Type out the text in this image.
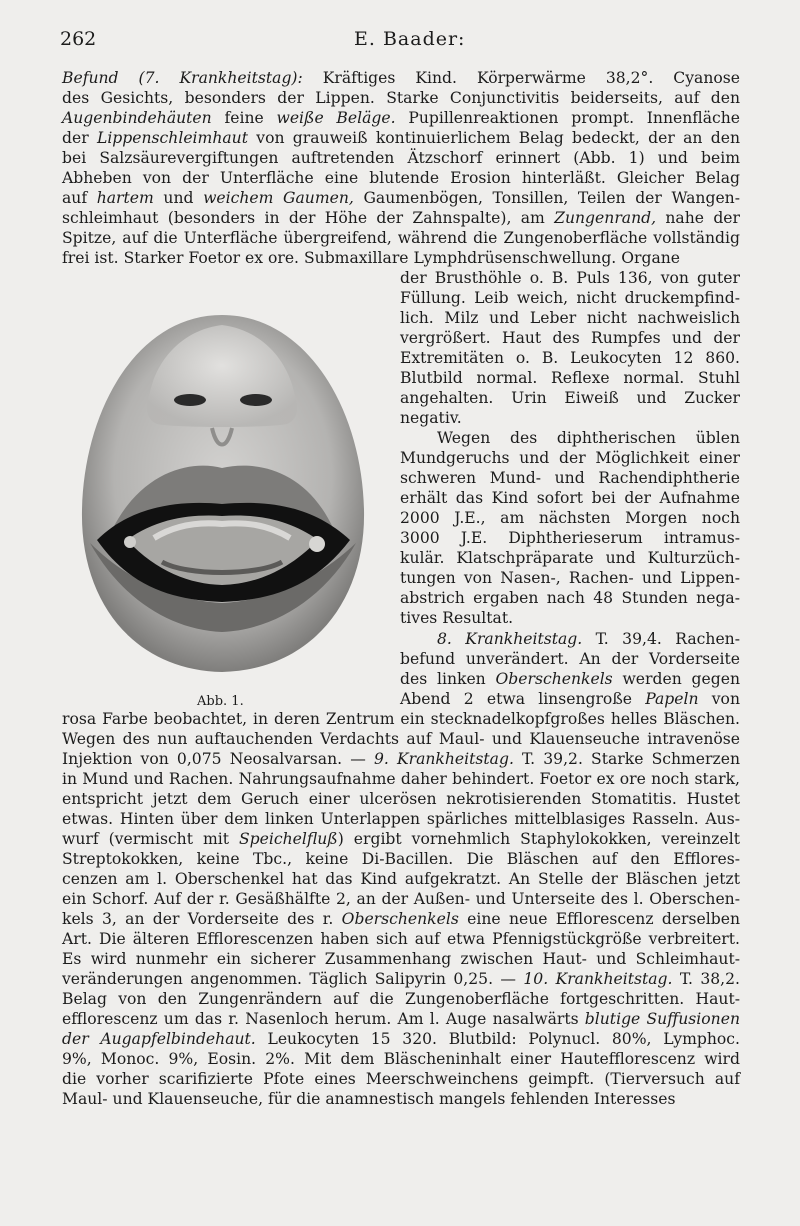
262	E. Baader:
Befund (7. Krankheitstag): Kräftiges Kind. Körperwärme 38,2°. Cyanose
des Gesichts, besonders der Lippen. Starke Conjunctivitis beiderseits, auf den
Augenbindehäuten feine weiße Beläge. Pupillenreaktionen prompt. Innenfläche
der Lippenschleimhaut von grauweiß kontinuierlichem Belag bedeckt, der an den
bei Salzsäurevergiftungen auftretenden Ätzschorf erinnert (Abb. 1) und beim
Abheben von der Unterfläche eine blutende Erosion hinterläßt. Gleicher Belag
auf hartem und weichem Gaumen, Gaumenbögen, Tonsillen, Teilen der Wangen-
schleimhaut (besonders in der Höhe der Zahnspalte), am Zungenrand, nahe der
Spitze, auf die Unterfläche übergreifend, während die Zungenoberfläche vollständig
frei ist. Starker Foetor ex ore. Submaxillare Lymphdrüsenschwellung. Organe
der Brusthöhle o. B. Puls 136, von guter
Füllung. Leib weich, nicht druckempfind-
lich. Milz und Leber nicht nachweislich
vergrößert. Haut des Rumpfes und der
Extremitäten o. B. Leukocyten 12 860.
Blutbild normal. Reflexe normal. Stuhl
angehalten. Urin Eiweiß und Zucker
negativ.
Wegen des diphtherischen üblen
Mundgeruchs und der Möglichkeit einer
schweren Mund- und Rachendiphtherie
erhält das Kind sofort bei der Aufnahme
2000 J.E., am nächsten Morgen noch
3000 J.E. Diphtherieserum intramus-
kulär. Klatschpräparate und Kulturzüch-
tungen von Nasen-, Rachen- und Lippen-
abstrich ergaben nach 48 Stunden nega-
tives Resultat.
8. Krankheitstag. T. 39,4. Rachen-
befund unverändert. An der Vorderseite
des linken Oberschenkels werden gegen
Abend 2 etwa linsengroße Papeln von
rosa Farbe beobachtet, in deren Zentrum ein stecknadelkopfgroßes helles Bläschen.
Wegen des nun auftauchenden Verdachts auf Maul- und Klauenseuche intravenöse
Injektion von 0,075 Neosalvarsan. — 9. Krankheitstag. T. 39,2. Starke Schmerzen
in Mund und Rachen. Nahrungsaufnahme daher behindert. Foetor ex ore noch stark,
entspricht jetzt dem Geruch einer ulcerösen nekrotisierenden Stomatitis. Hustet
etwas. Hinten über dem linken Unterlappen spärliches mittelblasiges Rasseln. Aus-
wurf (vermischt mit Speichelfluß) ergibt vornehmlich Staphylokokken, vereinzelt
Streptokokken, keine Tbc., keine Di-Bacillen. Die Bläschen auf den Efflores-
cenzen am l. Oberschenkel hat das Kind aufgekratzt. An Stelle der Bläschen jetzt
ein Schorf. Auf der r. Gesäßhälfte 2, an der Außen- und Unterseite des l. Oberschen-
kels 3, an der Vorderseite des r. Oberschenkels eine neue Efflorescenz derselben
Art. Die älteren Efflorescenzen haben sich auf etwa Pfennigstückgröße verbreitert.
Es wird nunmehr ein sicherer Zusammenhang zwischen Haut- und Schleimhaut-
veränderungen angenommen. Täglich Salipyrin 0,25. — 10. Krankheitstag. T. 38,2.
Belag von den Zungenrändern auf die Zungenoberfläche fortgeschritten. Haut-
efflorescenz um das r. Nasenloch herum. Am l. Auge nasalwärts blutige Suffusionen
der Augapfelbindehaut. Leukocyten 15 320. Blutbild: Polynucl. 80%, Lymphoc.
9%, Monoc. 9%, Eosin. 2%. Mit dem Bläscheninhalt einer Hautefflorescenz wird
die vorher scarifizierte Pfote eines Meerschweinchens geimpft. (Tierversuch auf
Maul- und Klauenseuche, für die anamnestisch mangels fehlenden Interesses
Abb. 1.
